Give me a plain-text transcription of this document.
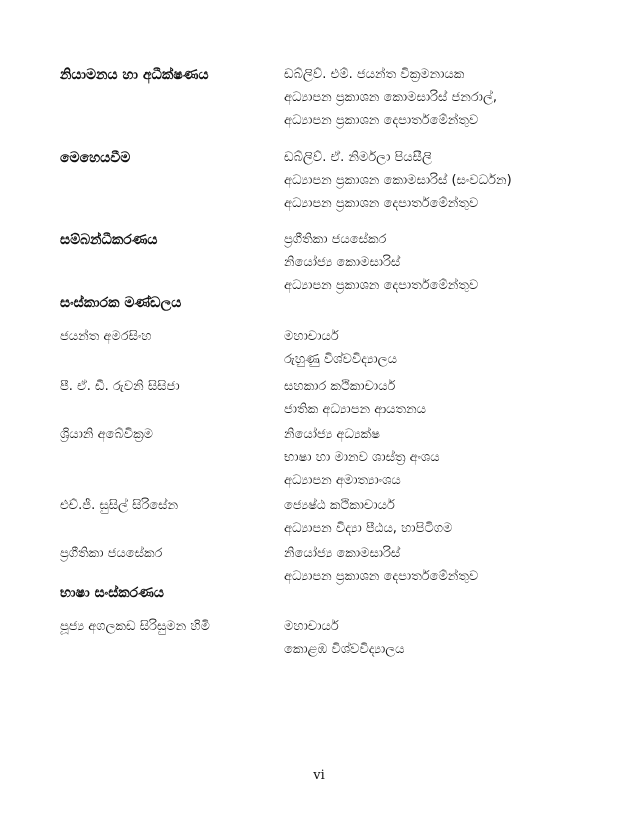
නියාමනය හා අධීක්ෂණය	ඩබ්ලිව්. එම්. ජයන්ත වික්‍රමනායක
අධ්‍යාපන ප්‍රකාශන කොමසාරිස් ජනරාල්,
අධ්‍යාපන ප්‍රකාශන දෙපාර්තමේන්තුව
මෙහෙයවීම	ඩබ්ලිව්. ඒ. නිර්මලා පියසීලි
අධ්‍යාපන ප්‍රකාශන කොමසාරිස් (සංවර්ධන)
අධ්‍යාපන ප්‍රකාශන දෙපාර්තමේන්තුව
සම්බන්ධීකරණය	ප්‍රගීතිකා ජයසේකර
නියෝජ්‍ය කොමසාරිස්
අධ්‍යාපන ප්‍රකාශන දෙපාර්තමේන්තුව
සංස්කාරක මණ්ඩලය
ජයන්ත අමරසිංහ	මහාචාර්ය
රුහුණු විශ්වවිද්‍යාලය
පී. ඒ. ඩී. රුවනි සිසිජා	සහකාර කථිකාචාර්ය
ජාතික අධ්‍යාපන ආයතනය
ශ්‍රියානි අබේවික්‍රම	නියෝජ්‍ය අධ්‍යක්ෂ
භාෂා හා මානව ශාස්ත්‍ර අංශය
අධ්‍යාපන අමාත්‍යාංශය
එච්.ජී. සුසිල් සිරිසේන	ජ්‍යෙෂ්ඨ කථිකාචාර්ය
අධ්‍යාපන විද්‍යා පීඨය, හාපිටිගම
ප්‍රගීතිකා ජයසේකර	නියෝජ්‍ය කොමසාරිස්
අධ්‍යාපන ප්‍රකාශන දෙපාර්තමේන්තුව
භාෂා සංස්කරණය
පූජ්‍ය අගලකඩ සිරිසුමන හිමි	මහාචාර්ය
කොළඹ විශ්වවිද්‍යාලය
vi
